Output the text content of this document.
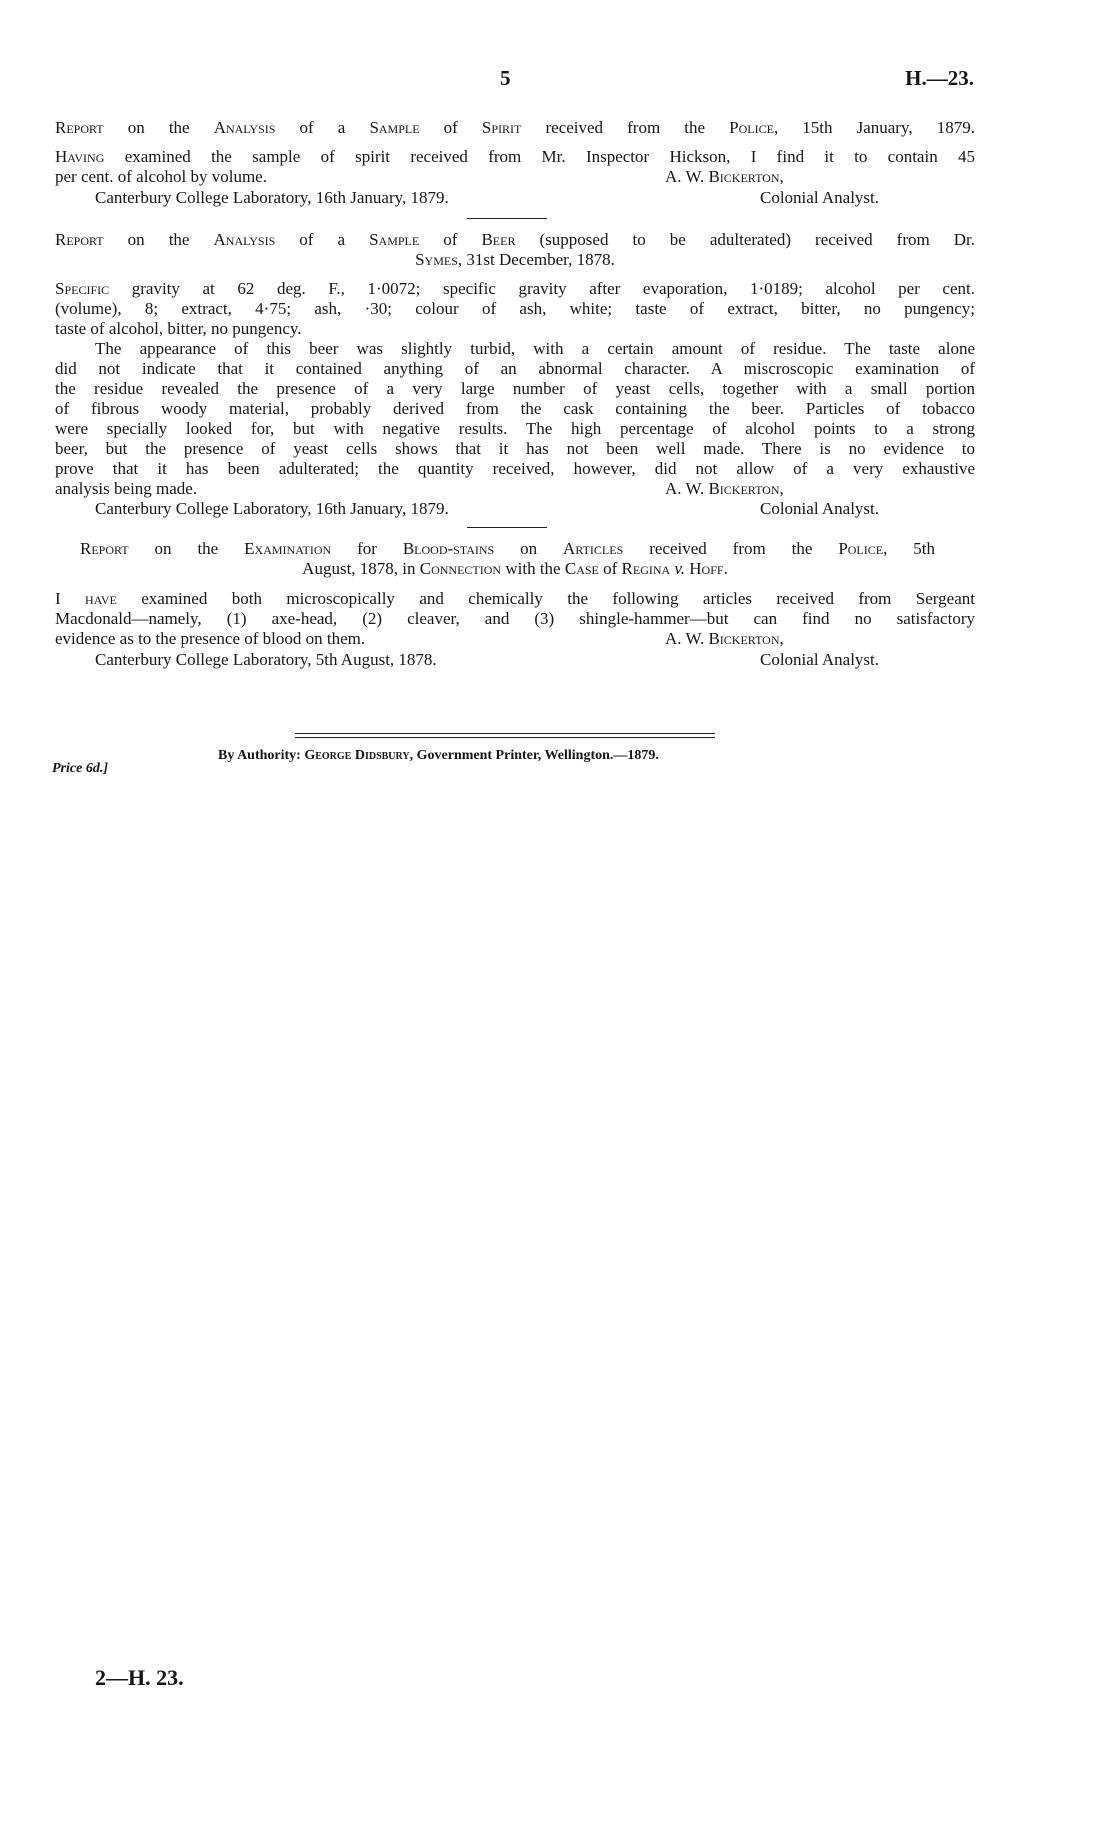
5	H.—23.
Report on the Analysis of a Sample of Spirit received from the Police, 15th January, 1879.
Having examined the sample of spirit received from Mr. Inspector Hickson, I find it to contain 45
per cent. of alcohol by volume.	A. W. Bickerton,
Canterbury College Laboratory, 16th January, 1879.	Colonial Analyst.
Report on the Analysis of a Sample of Beer (supposed to be adulterated) received from Dr.
Symes, 31st December, 1878.
Specific gravity at 62 deg. F., 1·0072; specific gravity after evaporation, 1·0189; alcohol per cent.
(volume), 8; extract, 4·75; ash, ·30; colour of ash, white; taste of extract, bitter, no pungency;
taste of alcohol, bitter, no pungency.
The appearance of this beer was slightly turbid, with a certain amount of residue. The taste alone
did not indicate that it contained anything of an abnormal character. A miscroscopic examination of
the residue revealed the presence of a very large number of yeast cells, together with a small portion
of fibrous woody material, probably derived from the cask containing the beer. Particles of tobacco
were specially looked for, but with negative results. The high percentage of alcohol points to a strong
beer, but the presence of yeast cells shows that it has not been well made. There is no evidence to
prove that it has been adulterated; the quantity received, however, did not allow of a very exhaustive
analysis being made.	A. W. Bickerton,
Canterbury College Laboratory, 16th January, 1879.	Colonial Analyst.
Report on the Examination for Blood-stains on Articles received from the Police, 5th
August, 1878, in Connection with the Case of Regina v. Hoff.
I have examined both microscopically and chemically the following articles received from Sergeant
Macdonald—namely, (1) axe-head, (2) cleaver, and (3) shingle-hammer—but can find no satisfactory
evidence as to the presence of blood on them.	A. W. Bickerton,
Canterbury College Laboratory, 5th August, 1878.	Colonial Analyst.
Price 6d.]
By Authority: George Didsbury, Government Printer, Wellington.—1879.
2—H. 23.
